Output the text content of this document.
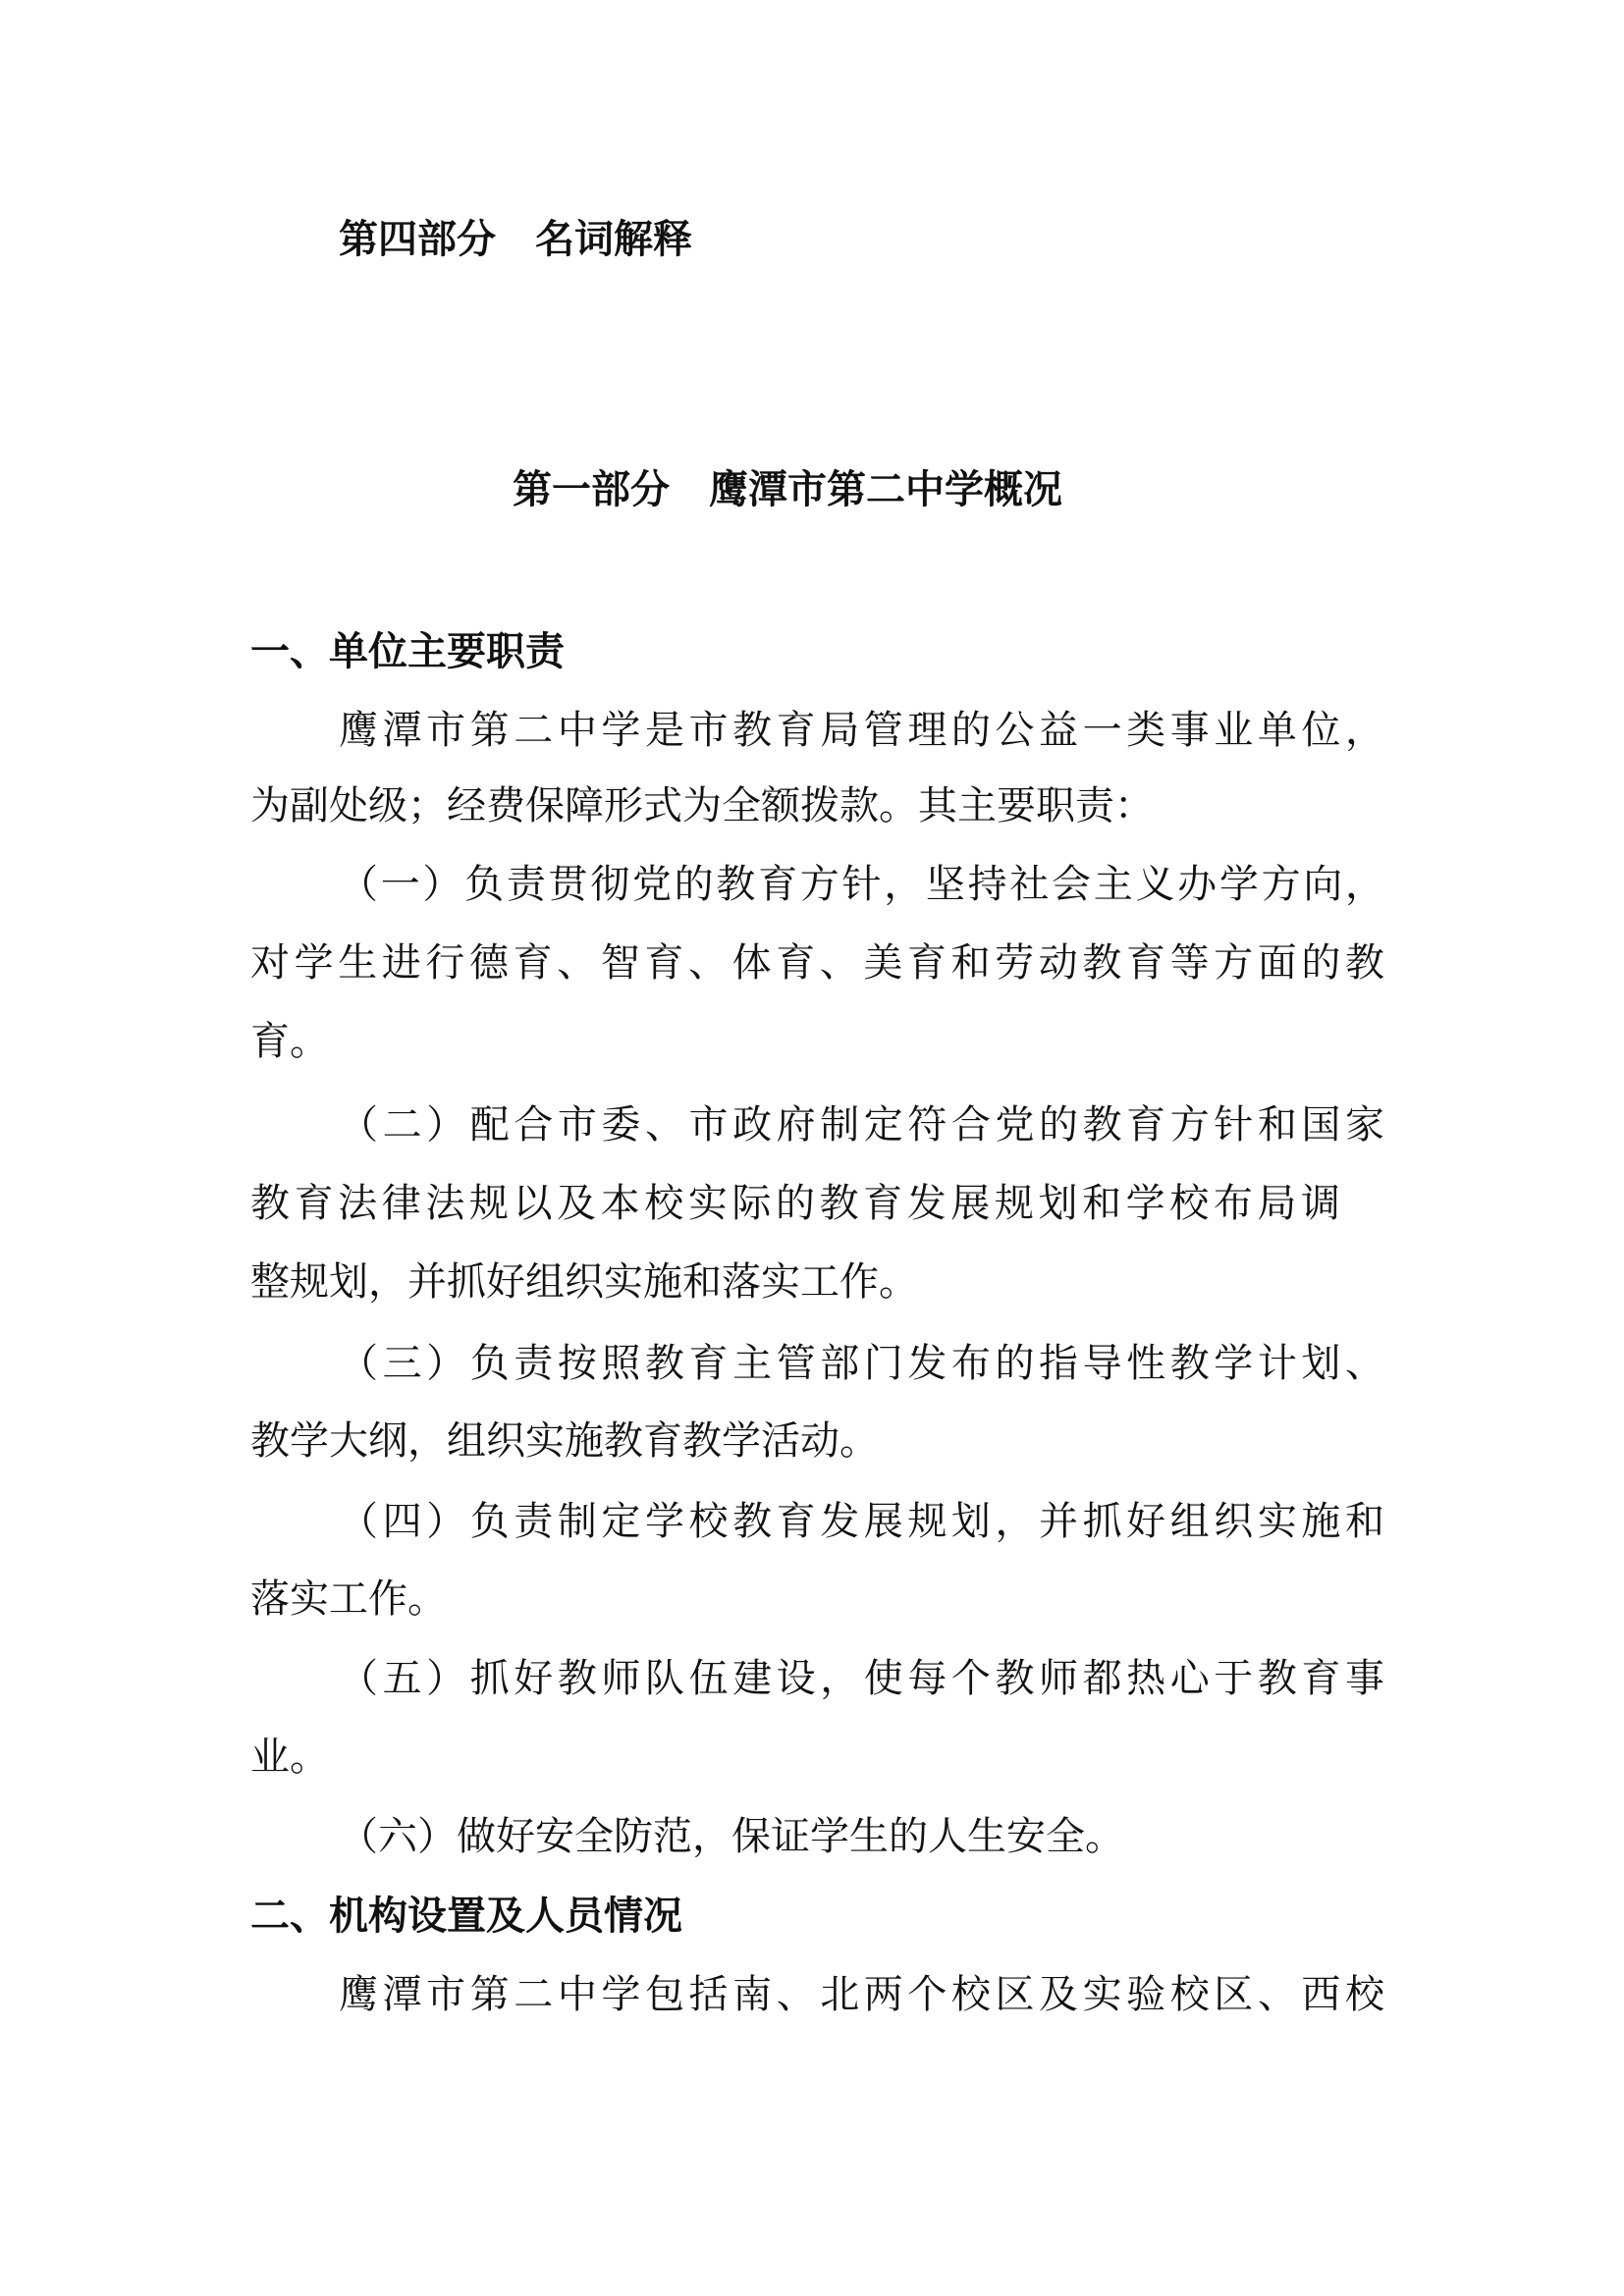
第四部分　名词解释

第一部分　鹰潭市第二中学概况

一、单位主要职责

鹰潭市第二中学是市教育局管理的公益一类事业单位，

为副处级；经费保障形式为全额拨款。其主要职责：

（一）负责贯彻党的教育方针，坚持社会主义办学方向，

对学生进行德育、智育、体育、美育和劳动教育等方面的教

育。

（二）配合市委、市政府制定符合党的教育方针和国家

教育法律法规以及本校实际的教育发展规划和学校布局调

整规划，并抓好组织实施和落实工作。

（三）负责按照教育主管部门发布的指导性教学计划、

教学大纲，组织实施教育教学活动。

（四）负责制定学校教育发展规划，并抓好组织实施和

落实工作。

（五）抓好教师队伍建设，使每个教师都热心于教育事

业。

（六）做好安全防范，保证学生的人生安全。

二、机构设置及人员情况

鹰潭市第二中学包括南、北两个校区及实验校区、西校
